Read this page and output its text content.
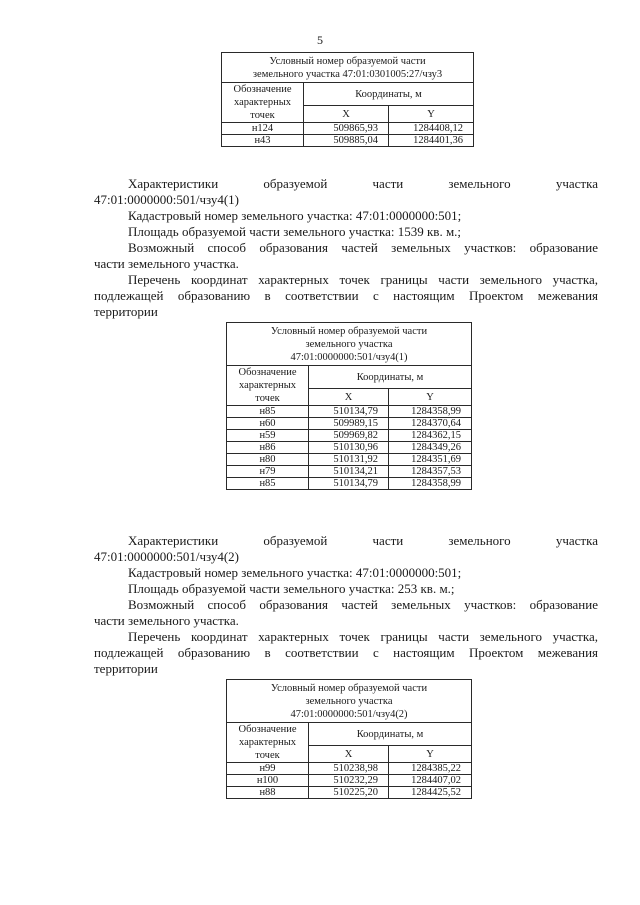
5
Условный номер образуемой части
земельного участка 47:01:0301005:27/чзу3		

Обозначение
характерных
точек	Координаты, м	
	X	Y
н124	509865,93	1284408,12
н43	509885,04	1284401,36

Характеристики образуемой части земельного участка

47:01:0000000:501/чзу4(1)

Кадастровый номер земельного участка: 47:01:0000000:501;

Площадь образуемой части земельного участка: 1539 кв. м.;

Возможный способ образования частей земельных участков: образование

части земельного участка.

Перечень координат характерных точек границы части земельного участка,

подлежащей образованию в соответствии с настоящим Проектом межевания

территории

Условный номер образуемой части
земельного участка
47:01:0000000:501/чзу4(1)		

Обозначение
характерных
точек	Координаты, м	
	X	Y
н85	510134,79	1284358,99
н60	509989,15	1284370,64
н59	509969,82	1284362,15
н86	510130,96	1284349,26
н80	510131,92	1284351,69
н79	510134,21	1284357,53
н85	510134,79	1284358,99

Характеристики образуемой части земельного участка

47:01:0000000:501/чзу4(2)

Кадастровый номер земельного участка: 47:01:0000000:501;

Площадь образуемой части земельного участка: 253 кв. м.;

Возможный способ образования частей земельных участков: образование

части земельного участка.

Перечень координат характерных точек границы части земельного участка,

подлежащей образованию в соответствии с настоящим Проектом межевания

территории

Условный номер образуемой части
земельного участка
47:01:0000000:501/чзу4(2)		

Обозначение
характерных
точек	Координаты, м	
	X	Y
н99	510238,98	1284385,22
н100	510232,29	1284407,02
н88	510225,20	1284425,52
